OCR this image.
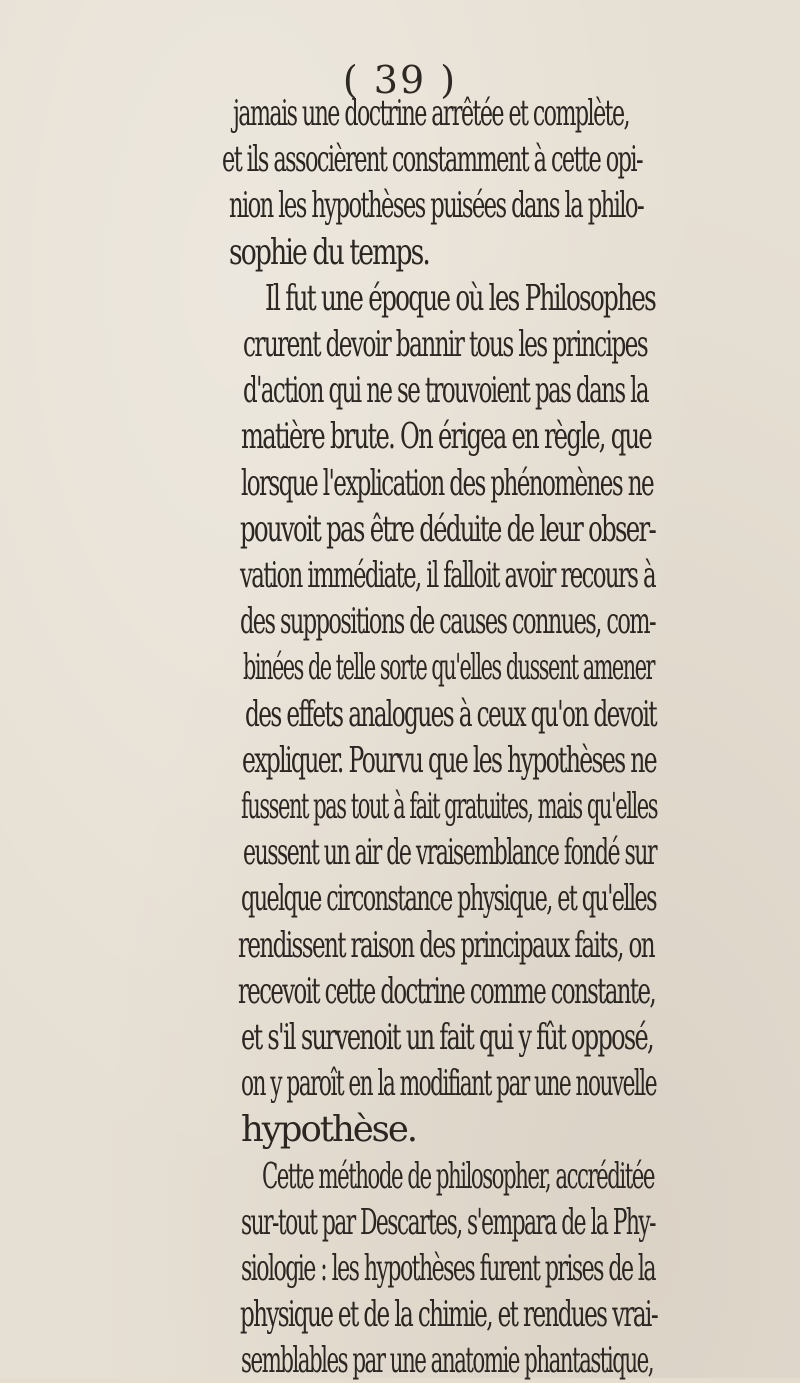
( 39 )
jamais une doctrine arrêtée et complète,
et ils associèrent constamment à cette opi-
nion les hypothèses puisées dans la philo-
sophie du temps.
Il fut une époque où les Philosophes
crurent devoir bannir tous les principes
d'action qui ne se trouvoient pas dans la
matière brute. On érigea en règle, que
lorsque l'explication des phénomènes ne
pouvoit pas être déduite de leur obser-
vation immédiate, il falloit avoir recours à
des suppositions de causes connues, com-
binées de telle sorte qu'elles dussent amener
des effets analogues à ceux qu'on devoit
expliquer. Pourvu que les hypothèses ne
fussent pas tout à fait gratuites, mais qu'elles
eussent un air de vraisemblance fondé sur
quelque circonstance physique, et qu'elles
rendissent raison des principaux faits, on
recevoit cette doctrine comme constante,
et s'il survenoit un fait qui y fût opposé,
on y paroît en la modifiant par une nouvelle
hypothèse.
Cette méthode de philosopher, accréditée
sur-tout par Descartes, s'empara de la Phy-
siologie : les hypothèses furent prises de la
physique et de la chimie, et rendues vrai-
semblables par une anatomie phantastique,
